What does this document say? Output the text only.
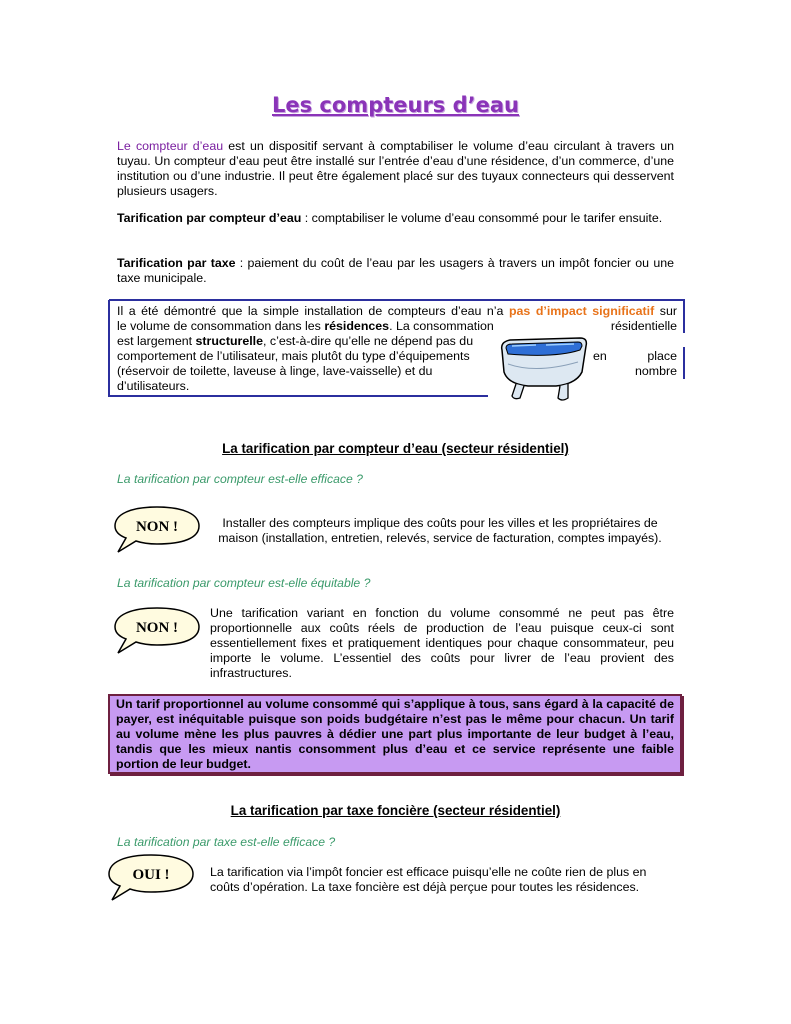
Les compteurs d’eau
Le compteur d’eau est un dispositif servant à comptabiliser le volume d’eau circulant à travers un tuyau. Un compteur d’eau peut être installé sur l’entrée d’eau d’une résidence, d’un commerce, d’une institution ou d’une industrie. Il peut être également placé sur des tuyaux connecteurs qui desservent plusieurs usagers.
Tarification par compteur d’eau : comptabiliser le volume d’eau consommé pour le tarifer ensuite.
Tarification par taxe : paiement du coût de l’eau par les usagers à travers un impôt foncier ou une taxe municipale.
Il a été démontré que la simple installation de compteurs d’eau n’a pas d’impact significatif sur
le volume de consommation dans les résidences. La consommation	résidentielle
est largement structurelle, c’est-à-dire qu’elle ne dépend pas du
comportement de l’utilisateur, mais plutôt du type d’équipements	en	place
(réservoir de toilette, laveuse à linge, lave-vaisselle) et du	nombre
d’utilisateurs.
La tarification par compteur d’eau (secteur résidentiel)
La tarification par compteur est-elle efficace ?
NON !	Installer des compteurs implique des coûts pour les villes et les propriétaires de maison (installation, entretien, relevés, service de facturation, comptes impayés).
La tarification par compteur est-elle équitable ?
NON !
Une tarification variant en fonction du volume consommé ne peut pas être proportionnelle aux coûts réels de production de l’eau puisque ceux-ci sont essentiellement fixes et pratiquement identiques pour chaque consommateur, peu importe le volume. L’essentiel des coûts pour livrer de l’eau provient des infrastructures.
Un tarif proportionnel au volume consommé qui s’applique à tous, sans égard à la capacité de payer, est inéquitable puisque son poids budgétaire n’est pas le même pour chacun. Un tarif au volume mène les plus pauvres à dédier une part plus importante de leur budget à l’eau, tandis que les mieux nantis consomment plus d’eau et ce service représente une faible portion de leur budget.
La tarification par taxe foncière (secteur résidentiel)
La tarification par taxe est-elle efficace ?
OUI !	La tarification via l’impôt foncier est efficace puisqu’elle ne coûte rien de plus en coûts d’opération. La taxe foncière est déjà perçue pour toutes les résidences.
